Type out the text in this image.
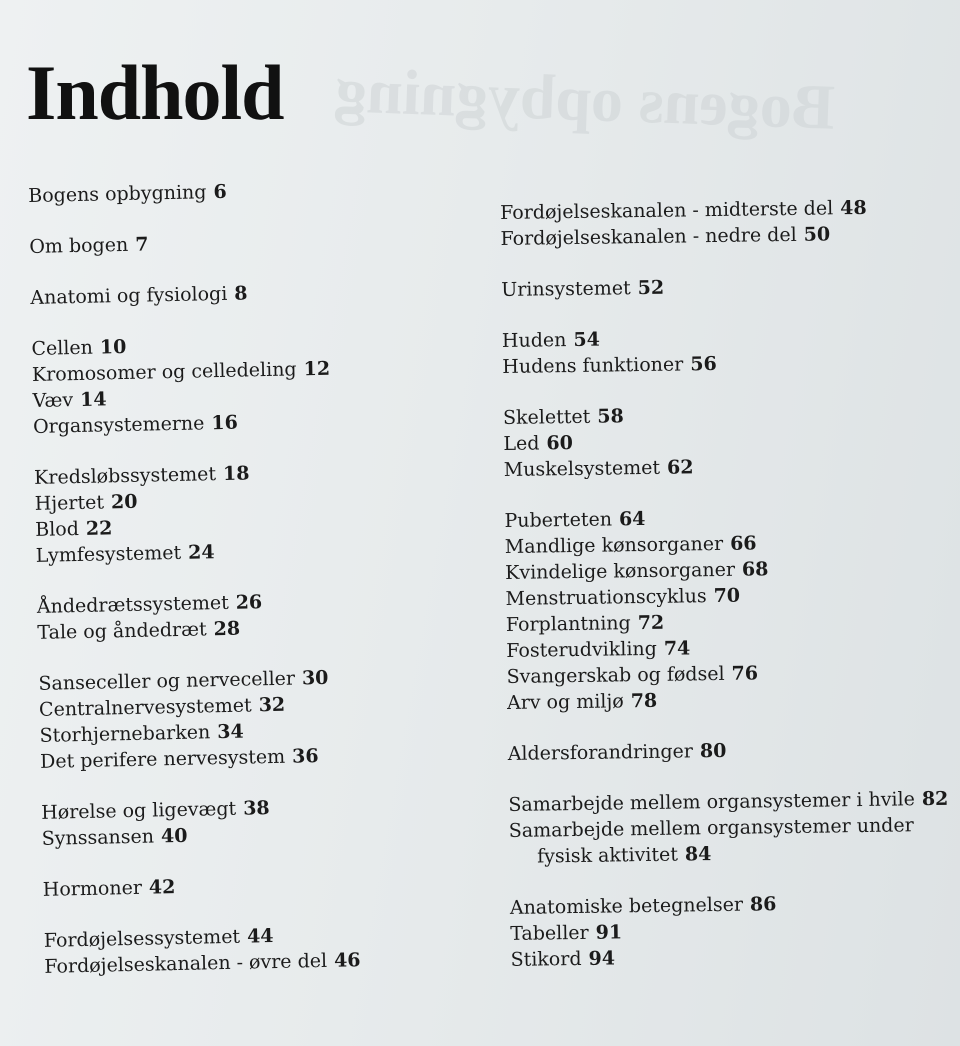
Bogens opbygning
Indhold
Bogens opbygning 6
Om bogen 7
Anatomi og fysiologi 8
Cellen 10
Kromosomer og celledeling 12
Væv 14
Organsystemerne 16
Kredsløbssystemet 18
Hjertet 20
Blod 22
Lymfesystemet 24
Åndedrætssystemet 26
Tale og åndedræt 28
Sanseceller og nerveceller 30
Centralnervesystemet 32
Storhjernebarken 34
Det perifere nervesystem 36
Hørelse og ligevægt 38
Synssansen 40
Hormoner 42
Fordøjelsessystemet 44
Fordøjelseskanalen - øvre del 46
Fordøjelseskanalen - midterste del 48
Fordøjelseskanalen - nedre del 50
Urinsystemet 52
Huden 54
Hudens funktioner 56
Skelettet 58
Led 60
Muskelsystemet 62
Puberteten 64
Mandlige kønsorganer 66
Kvindelige kønsorganer 68
Menstruationscyklus 70
Forplantning 72
Fosterudvikling 74
Svangerskab og fødsel 76
Arv og miljø 78
Aldersforandringer 80
Samarbejde mellem organsystemer i hvile 82
Samarbejde mellem organsystemer under
fysisk aktivitet 84
Anatomiske betegnelser 86
Tabeller 91
Stikord 94
